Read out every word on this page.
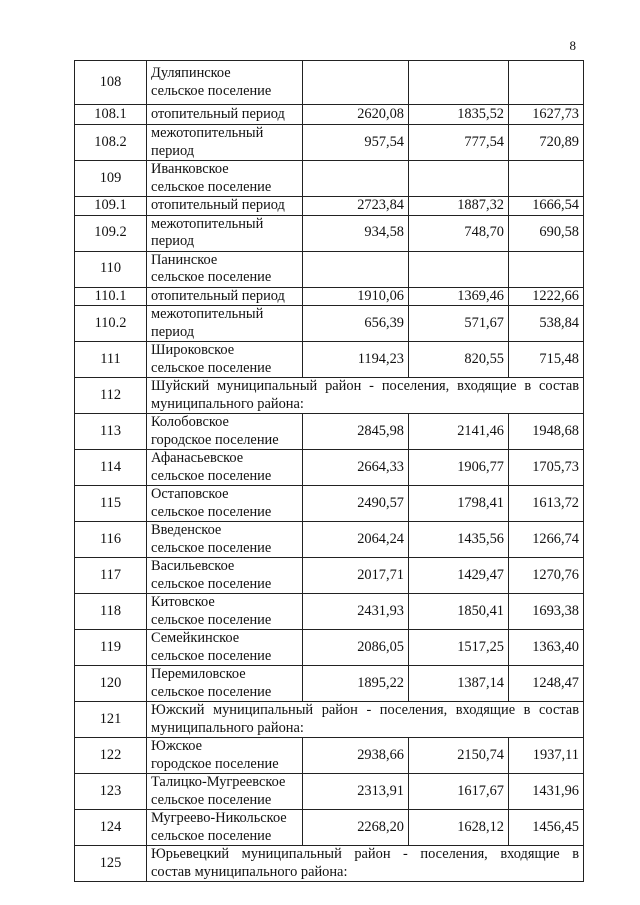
8
108	Дуляпинское
сельское поселение			

108.1	отопительный период	2620,08	1835,52	1627,73
108.2	межотопительный
период	957,54	777,54	720,89
109	Иванковское
сельское поселение			

109.1	отопительный период	2723,84	1887,32	1666,54
109.2	межотопительный
период	934,58	748,70	690,58
110	Панинское
сельское поселение			

110.1	отопительный период	1910,06	1369,46	1222,66
110.2	межотопительный
период	656,39	571,67	538,84
111	Широковское
сельское поселение	1194,23	820,55	715,48
112	Шуйский муниципальный район - поселения, входящие в состав
муниципального района:			

113	Колобовское
городское поселение	2845,98	2141,46	1948,68
114	Афанасьевское
сельское поселение	2664,33	1906,77	1705,73
115	Остаповское
сельское поселение	2490,57	1798,41	1613,72
116	Введенское
сельское поселение	2064,24	1435,56	1266,74
117	Васильевское
сельское поселение	2017,71	1429,47	1270,76
118	Китовское
сельское поселение	2431,93	1850,41	1693,38
119	Семейкинское
сельское поселение	2086,05	1517,25	1363,40
120	Перемиловское
сельское поселение	1895,22	1387,14	1248,47
121	Южский муниципальный район - поселения, входящие в состав
муниципального района:			

122	Южское
городское поселение	2938,66	2150,74	1937,11
123	Талицко-Мугреевское
сельское поселение	2313,91	1617,67	1431,96
124	Мугреево-Никольское
сельское поселение	2268,20	1628,12	1456,45
125	Юрьевецкий муниципальный район - поселения, входящие в
состав муниципального района:			
